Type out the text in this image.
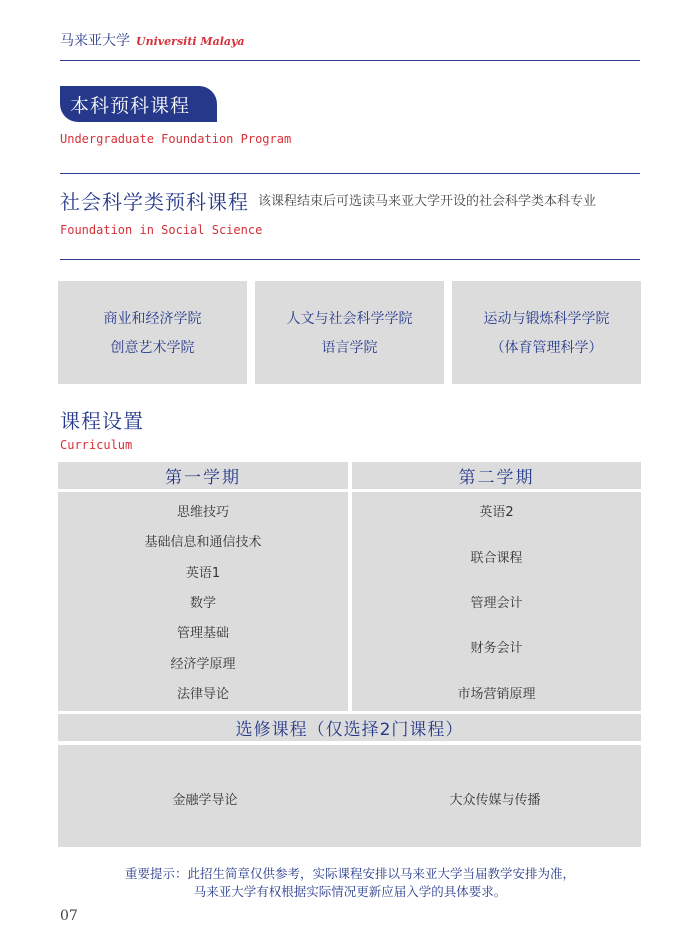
马来亚大学 Universiti Malaya
本科预科课程
Undergraduate Foundation Program
社会科学类预科课程 该课程结束后可选读马来亚大学开设的社会科学类本科专业
Foundation in Social Science
商业和经济学院
创意艺术学院
人文与社会科学学院
语言学院
运动与锻炼科学学院
（体育管理科学）
课程设置
Curriculum
第一学期	第二学期
思维技巧
基础信息和通信技术
英语1
数学
管理基础
经济学原理
法律导论
英语2
联合课程
管理会计
财务会计
市场营销原理
选修课程（仅选择2门课程）
金融学导论	大众传媒与传播
重要提示：此招生简章仅供参考，实际课程安排以马来亚大学当届教学安排为准，
马来亚大学有权根据实际情况更新应届入学的具体要求。
07
